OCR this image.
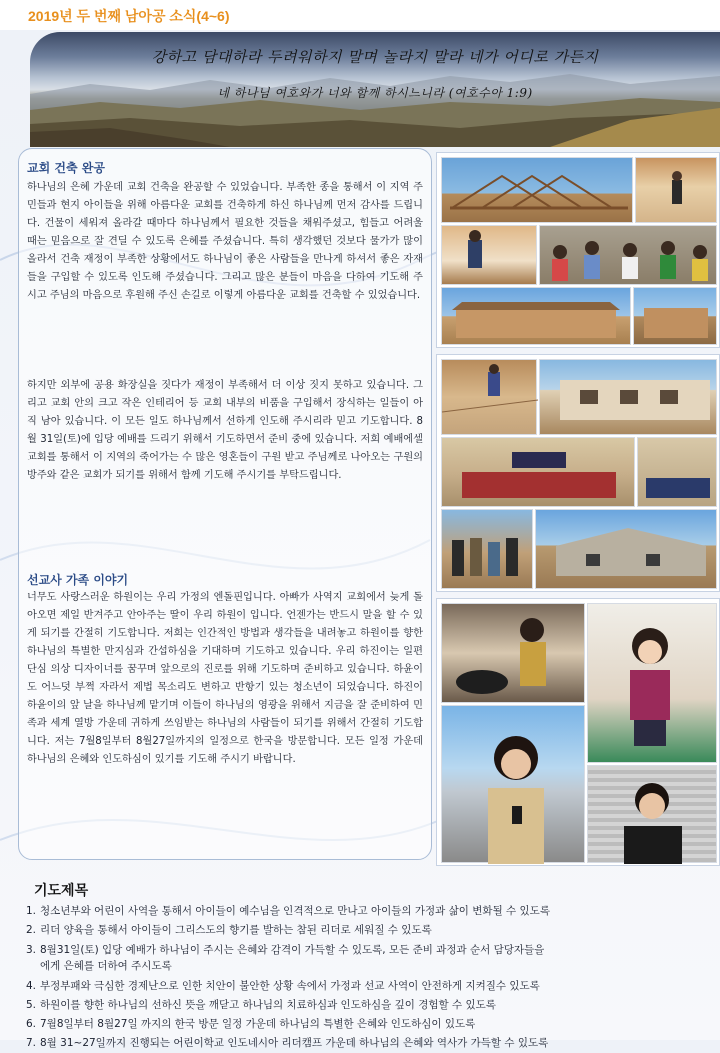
2019년 두 번째 남아공 소식(4~6)
강하고 담대하라 두려워하지 말며 놀라지 말라 네가 어디로 가든지
네 하나님 여호와가 너와 함께 하시느니라 (여호수아 1:9)
교회 건축 완공

하나님의 은혜 가운데 교회 건축을 완공할 수 있었습니다. 부족한 종을 통해서 이 지역 주민들과 현지 아이들을 위해 아름다운 교회를 건축하게 하신 하나님께 먼저 감사를 드립니다. 건물이 세워져 올라갈 때마다 하나님께서 필요한 것들을 채워주셨고, 힘들고 어려울 때는 믿음으로 잘 견딜 수 있도록 은혜를 주셨습니다. 특히 생각했던 것보다 물가가 많이 올라서 건축 재정이 부족한 상황에서도 하나님이 좋은 사람들을 만나게 하셔서 좋은 자재들을 구입할 수 있도록 인도해 주셨습니다. 그리고 많은 분들이 마음을 다하여 기도해 주시고 주님의 마음으로 후원해 주신 손길로 이렇게 아름다운 교회를 건축할 수 있었습니다.

하지만 외부에 공용 화장실을 짓다가 재정이 부족해서 더 이상 짓지 못하고 있습니다. 그리고 교회 안의 크고 작은 인테리어 등 교회 내부의 비품을 구입해서 장식하는 일들이 아직 남아 있습니다. 이 모든 일도 하나님께서 선하게 인도해 주시리라 믿고 기도합니다. 8월 31일(토)에 입당 예배를 드리기 위해서 기도하면서 준비 중에 있습니다. 저희 예배에셀 교회를 통해서 이 지역의 죽어가는 수 많은 영혼들이 구원 받고 주님께로 나아오는 구원의 방주와 같은 교회가 되기를 위해서 함께 기도해 주시기를 부탁드립니다.

선교사 가족 이야기

너무도 사랑스러운 하원이는 우리 가정의 엔돌핀입니다. 아빠가 사역지 교회에서 늦게 돌아오면 제일 반겨주고 안아주는 딸이 우리 하원이 입니다. 언젠가는 반드시 말을 할 수 있게 되기를 간절히 기도합니다. 저희는 인간적인 방법과 생각들을 내려놓고 하원이를 향한 하나님의 특별한 만지심과 간섭하심을 기대하며 기도하고 있습니다. 우리 하진이는 일편단심 의상 디자이너를 꿈꾸며 앞으로의 진로를 위해 기도하며 준비하고 있습니다. 하윤이도 어느덧 부쩍 자라서 제법 목소리도 변하고 반항기 있는 청소년이 되었습니다. 하진이 하윤이의 앞 날을 하나님께 맡기며 이들이 하나님의 영광을 위해서 지금을 잘 준비하여 민족과 세계 열방 가운데 귀하게 쓰임받는 하나님의 사람들이 되기를 위해서 간절히 기도합니다. 저는 7월8일부터 8월27일까지의 일정으로 한국을 방문합니다. 모든 일정 가운데 하나님의 은혜와 인도하심이 있기를 기도해 주시기 바랍니다.

기도제목
1. 청소년부와 어린이 사역을 통해서 아이들이 예수님을 인격적으로 만나고 아이들의 가정과 삶이 변화될 수 있도록
2. 리더 양육을 통해서 아이들이 그리스도의 향기를 발하는 참된 리더로 세워질 수 있도록
3. 8월31일(토) 입당 예배가 하나님이 주시는 은혜와 감격이 가득할 수 있도록, 모든 준비 과정과 순서 담당자들을
에게 은혜를 더하여 주시도록
4. 부정부패와 극심한 경제난으로 인한 치안이 불안한 상황 속에서 가정과 선교 사역이 안전하게 지켜질수 있도록
5. 하원이를 향한 하나님의 선하신 뜻을 깨닫고 하나님의 치료하심과 인도하심을 깊이 경험할 수 있도록
6. 7월8일부터 8월27일 까지의 한국 방문 일정 가운데 하나님의 특별한 은혜와 인도하심이 있도록
7. 8월 31~27일까지 진행되는 어린이학교 인도네시아 리더캠프 가운데 하나님의 은혜와 역사가 가득할 수 있도록
